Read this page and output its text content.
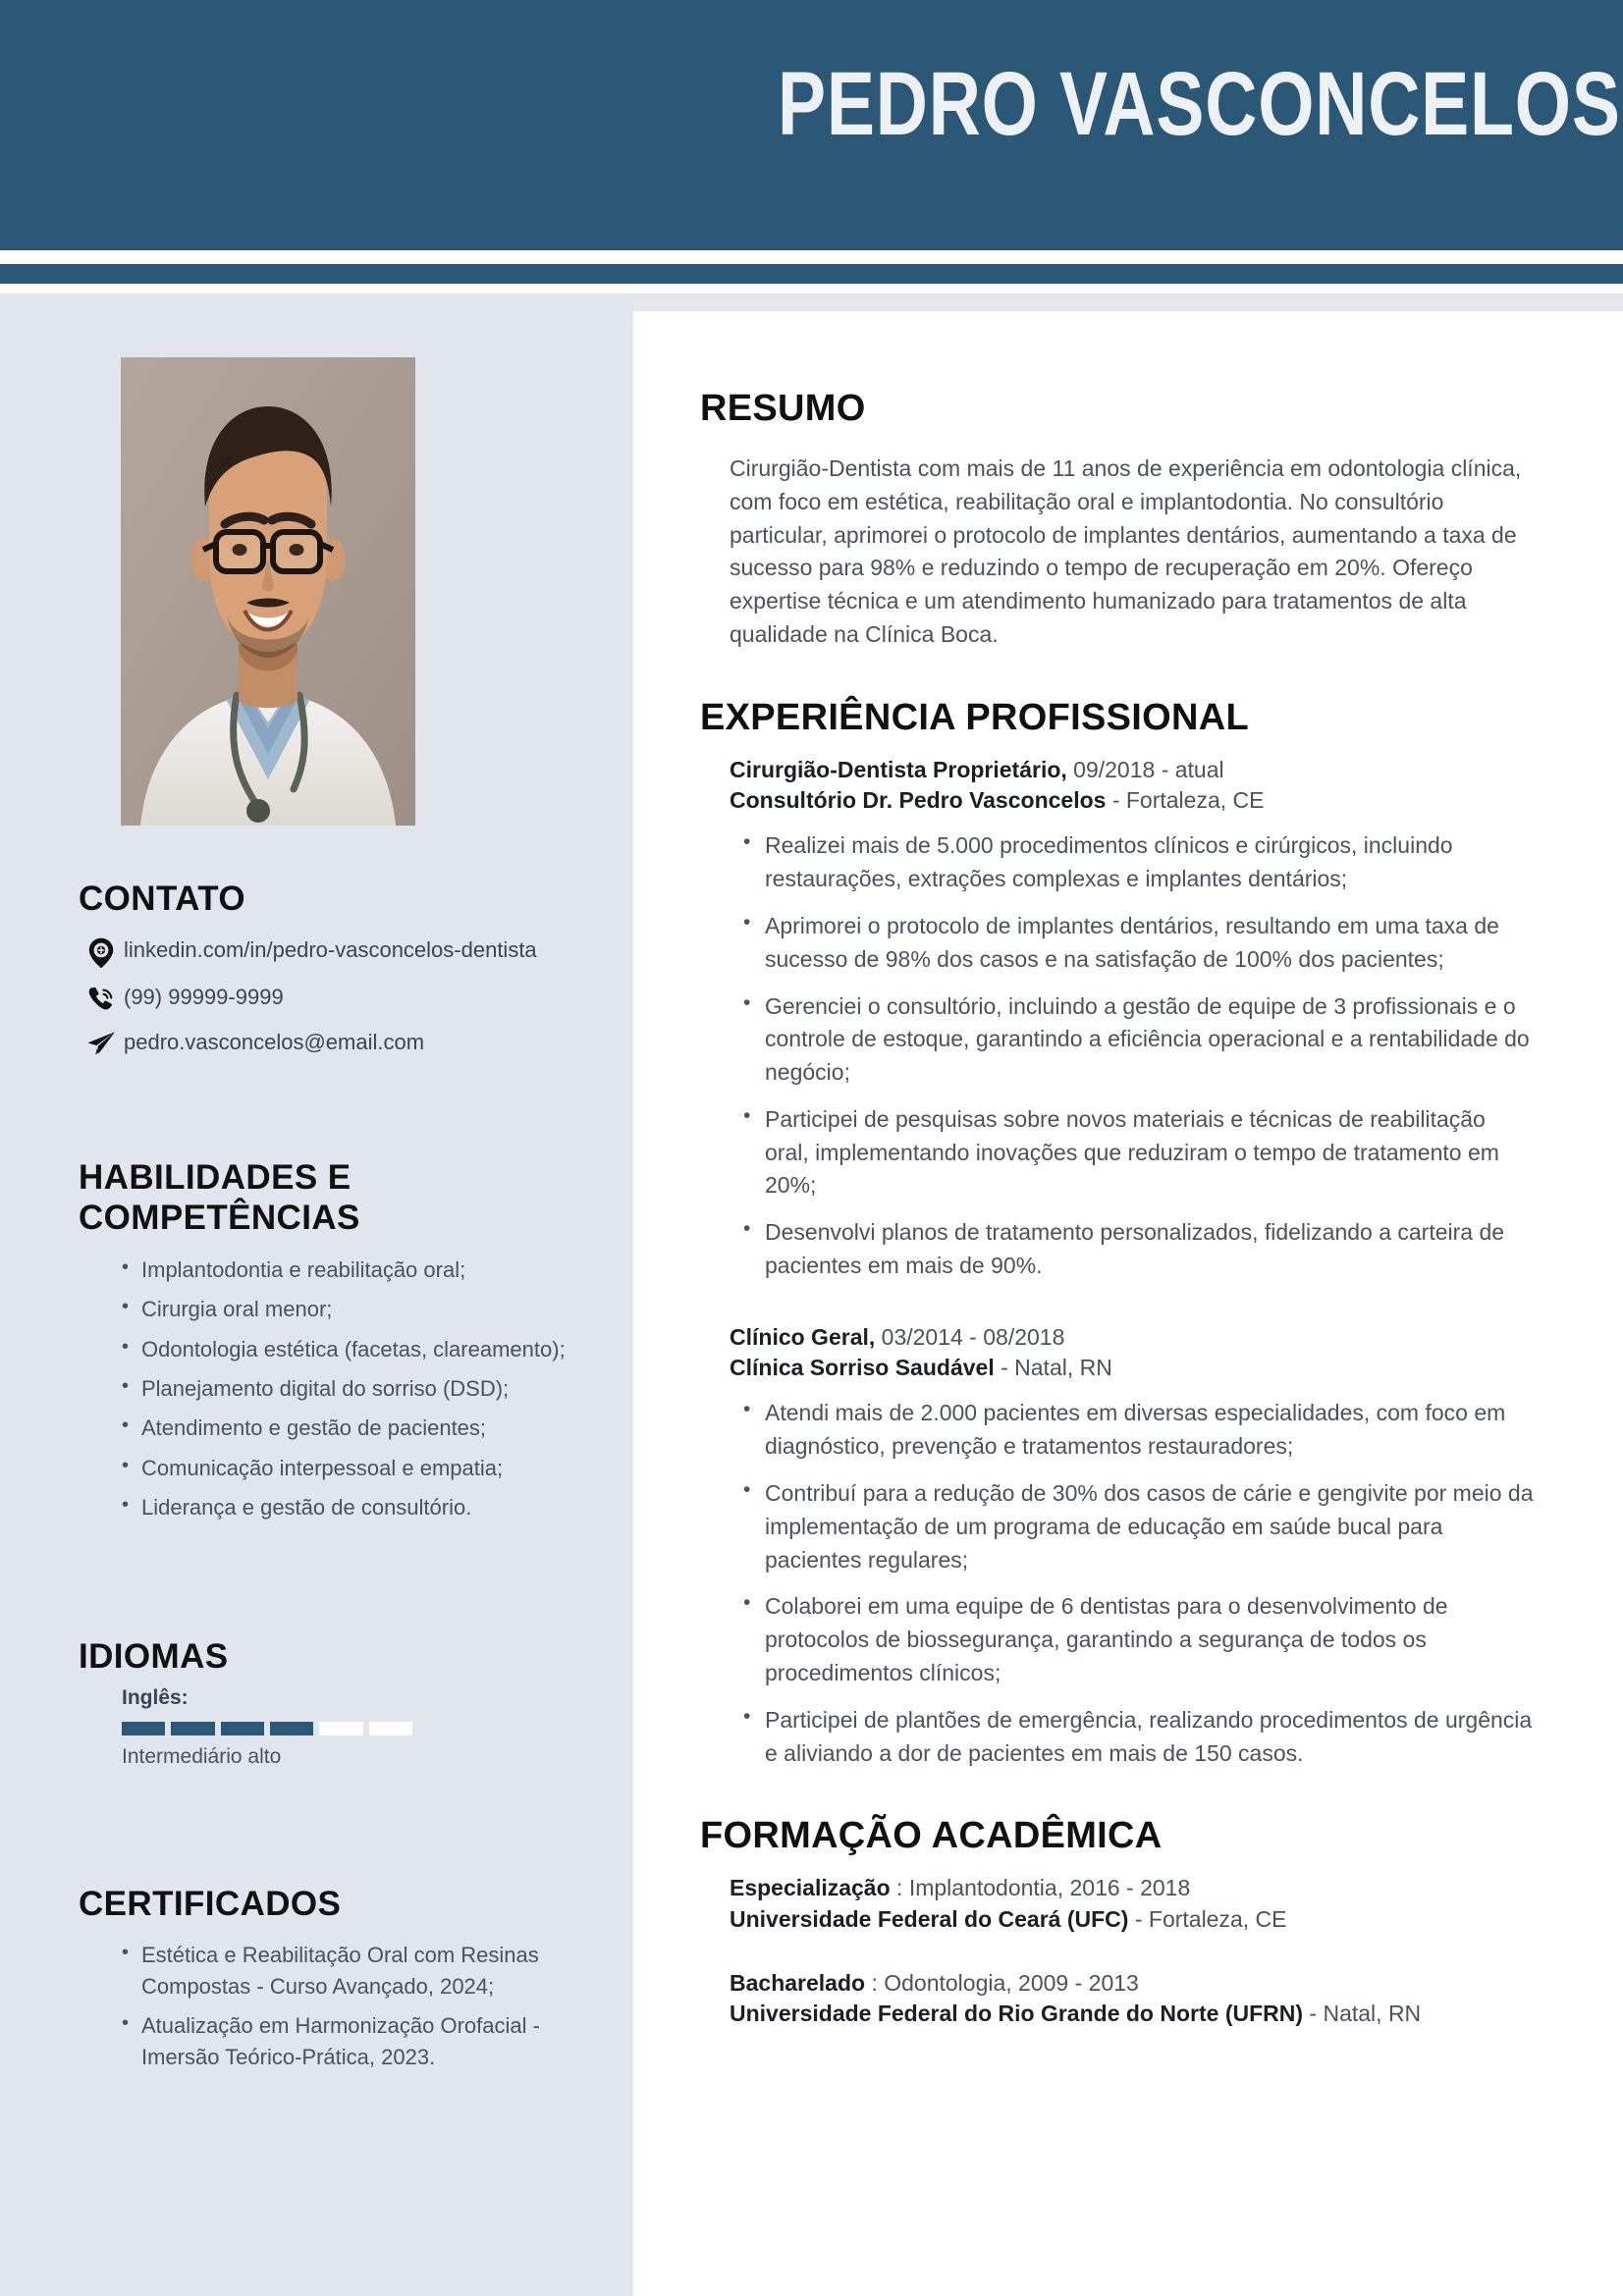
PEDRO VASCONCELOS
CONTATO
linkedin.com/in/pedro-vasconcelos-dentista
(99) 99999-9999
pedro.vasconcelos@email.com
HABILIDADES E COMPETÊNCIAS
• Implantodontia e reabilitação oral;
• Cirurgia oral menor;
• Odontologia estética (facetas, clareamento);
• Planejamento digital do sorriso (DSD);
• Atendimento e gestão de pacientes;
• Comunicação interpessoal e empatia;
• Liderança e gestão de consultório.
IDIOMAS
Inglês:
Intermediário alto
CERTIFICADOS
• Estética e Reabilitação Oral com Resinas Compostas - Curso Avançado, 2024;
• Atualização em Harmonização Orofacial - Imersão Teórico-Prática, 2023.
RESUMO

Cirurgião-Dentista com mais de 11 anos de experiência em odontologia clínica, com foco em estética, reabilitação oral e implantodontia. No consultório particular, aprimorei o protocolo de implantes dentários, aumentando a taxa de sucesso para 98% e reduzindo o tempo de recuperação em 20%. Ofereço expertise técnica e um atendimento humanizado para tratamentos de alta qualidade na Clínica Boca.

EXPERIÊNCIA PROFISSIONAL
Cirurgião-Dentista Proprietário, 09/2018 - atual
Consultório Dr. Pedro Vasconcelos - Fortaleza, CE
• Realizei mais de 5.000 procedimentos clínicos e cirúrgicos, incluindo restaurações, extrações complexas e implantes dentários;
• Aprimorei o protocolo de implantes dentários, resultando em uma taxa de sucesso de 98% dos casos e na satisfação de 100% dos pacientes;
• Gerenciei o consultório, incluindo a gestão de equipe de 3 profissionais e o controle de estoque, garantindo a eficiência operacional e a rentabilidade do negócio;
• Participei de pesquisas sobre novos materiais e técnicas de reabilitação oral, implementando inovações que reduziram o tempo de tratamento em 20%;
• Desenvolvi planos de tratamento personalizados, fidelizando a carteira de pacientes em mais de 90%.
Clínico Geral, 03/2014 - 08/2018
Clínica Sorriso Saudável - Natal, RN
• Atendi mais de 2.000 pacientes em diversas especialidades, com foco em diagnóstico, prevenção e tratamentos restauradores;
• Contribuí para a redução de 30% dos casos de cárie e gengivite por meio da implementação de um programa de educação em saúde bucal para pacientes regulares;
• Colaborei em uma equipe de 6 dentistas para o desenvolvimento de protocolos de biossegurança, garantindo a segurança de todos os procedimentos clínicos;
• Participei de plantões de emergência, realizando procedimentos de urgência e aliviando a dor de pacientes em mais de 150 casos.
FORMAÇÃO ACADÊMICA
Especialização : Implantodontia, 2016 - 2018
Universidade Federal do Ceará (UFC) - Fortaleza, CE
Bacharelado : Odontologia, 2009 - 2013
Universidade Federal do Rio Grande do Norte (UFRN) - Natal, RN
